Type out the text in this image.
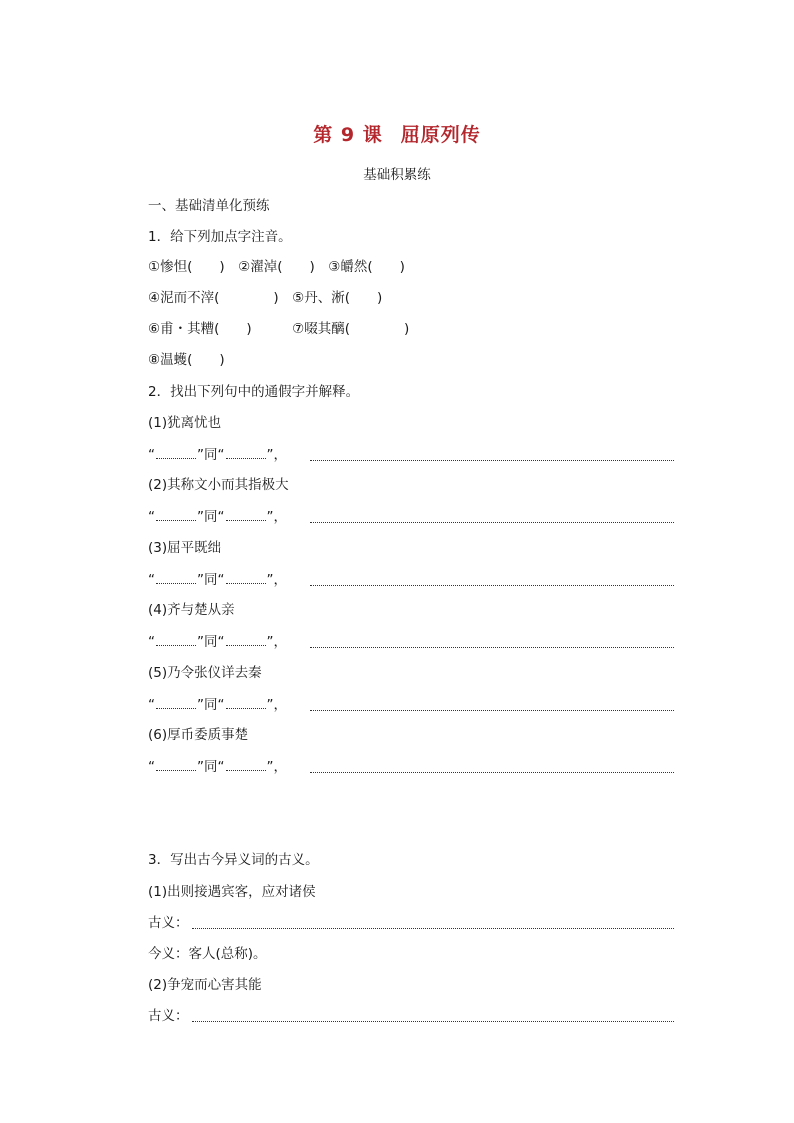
第 9 课 屈原列传
基础积累练
一、基础清单化预练
1．给下列加点字注音。
①惨怛(　　)　②濯淖(　　)　③皭然(　　)
④泥而不滓(　　　　)　⑤丹、淅(　　)
⑥甫・其糟(　　)　　　⑦啜其醨(　　　　)
⑧温蠖(　　)
2．找出下列句中的通假字并解释。
(1)犹离忧也
“	”同“	”，
(2)其称文小而其指极大
“	”同“	”，
(3)屈平既绌
“	”同“	”，
(4)齐与楚从亲
“	”同“	”，
(5)乃令张仪详去秦
“	”同“	”，
(6)厚币委质事楚
“	”同“	”，
3．写出古今异义词的古义。
(1)出则接遇宾客，应对诸侯
古义：
今义：客人(总称)。
(2)争宠而心害其能
古义：
